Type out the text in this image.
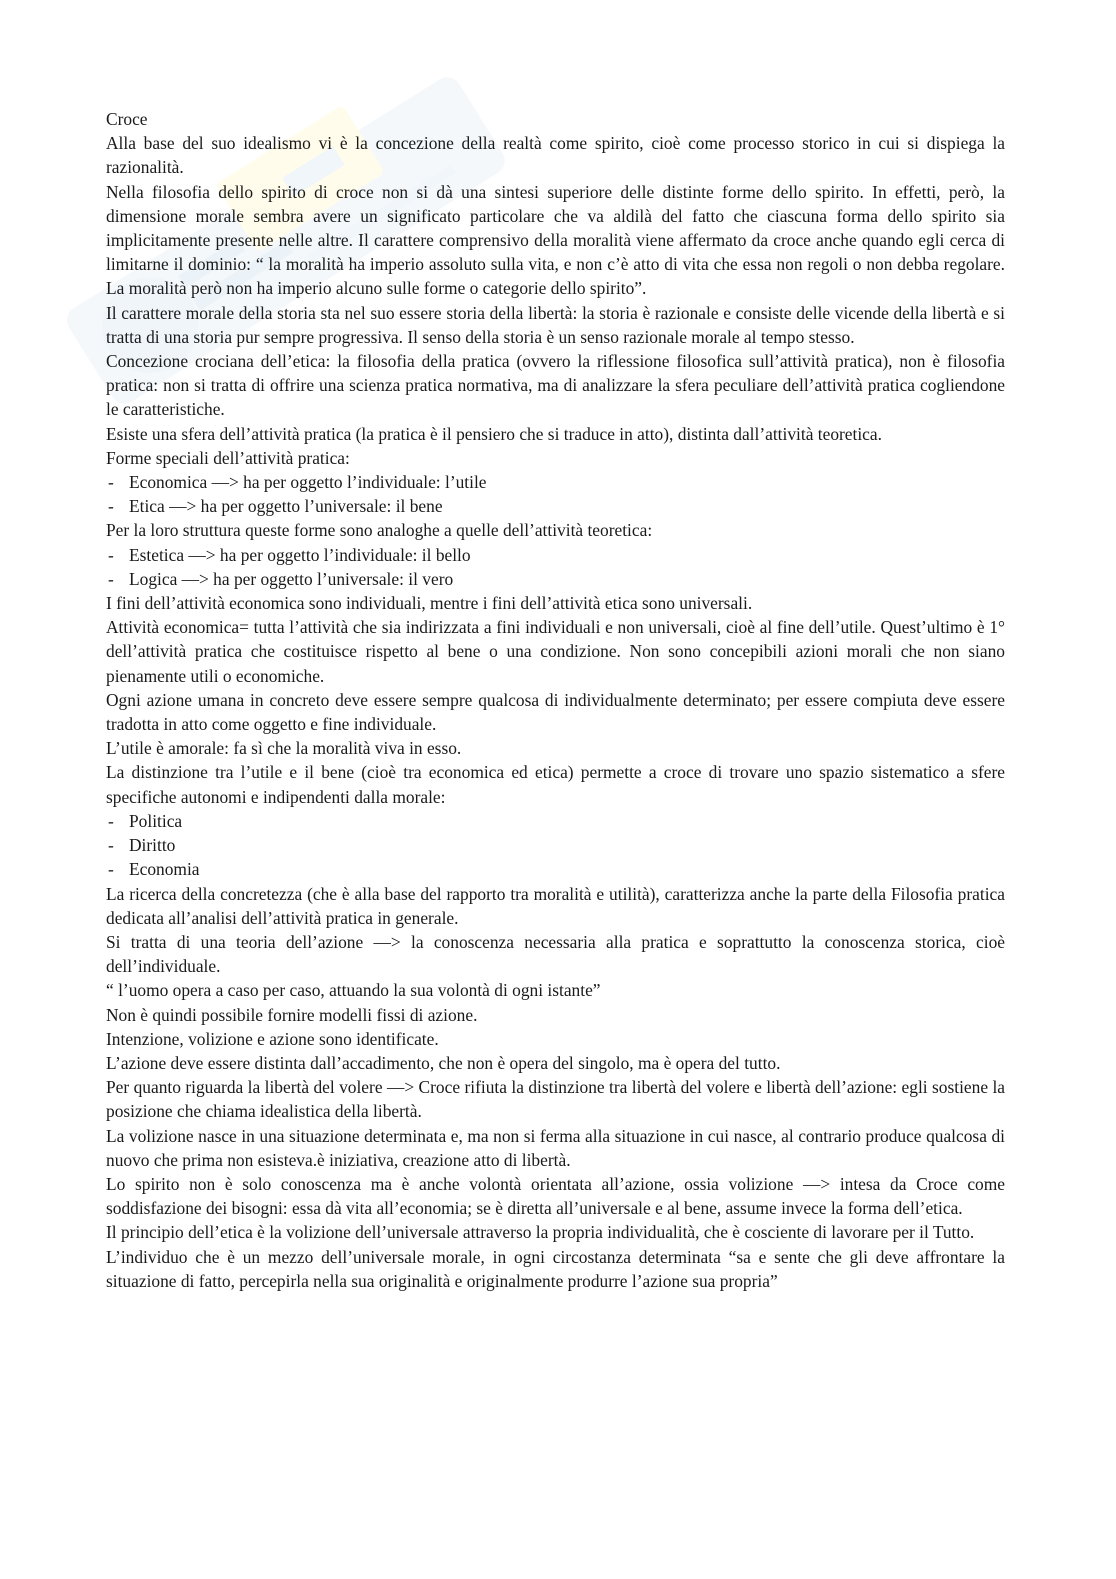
Croce

Alla base del suo idealismo vi è la concezione della realtà come spirito, cioè come processo storico in cui si dispiega la razionalità.

Nella filosofia dello spirito di croce non si dà una sintesi superiore delle distinte forme dello spirito. In effetti, però, la dimensione morale sembra avere un significato particolare che va aldilà del fatto che ciascuna forma dello spirito sia implicitamente presente nelle altre. Il carattere comprensivo della moralità viene affermato da croce anche quando egli cerca di limitarne il dominio: “ la moralità ha imperio assoluto sulla vita, e non c’è atto di vita che essa non regoli o non debba regolare. La moralità però non ha imperio alcuno sulle forme o categorie dello spirito”.

Il carattere morale della storia sta nel suo essere storia della libertà: la storia è razionale e consiste delle vicende della libertà e si tratta di una storia pur sempre progressiva. Il senso della storia è un senso razionale morale al tempo stesso.

Concezione crociana dell’etica: la filosofia della pratica (ovvero la riflessione filosofica sull’attività pratica), non è filosofia pratica: non si tratta di offrire una scienza pratica normativa, ma di analizzare la sfera peculiare dell’attività pratica cogliendone le caratteristiche.

Esiste una sfera dell’attività pratica (la pratica è il pensiero che si traduce in atto), distinta dall’attività teoretica.

Forme speciali dell’attività pratica:

- Economica —> ha per oggetto l’individuale: l’utile
- Etica —> ha per oggetto l’universale: il bene

Per la loro struttura queste forme sono analoghe a quelle dell’attività teoretica:

- Estetica —> ha per oggetto l’individuale: il bello
- Logica —> ha per oggetto l’universale: il vero

I fini dell’attività economica sono individuali, mentre i fini dell’attività etica sono universali.

Attività economica= tutta l’attività che sia indirizzata a fini individuali e non universali, cioè al fine dell’utile. Quest’ultimo è 1° dell’attività pratica che costituisce rispetto al bene o una condizione. Non sono concepibili azioni morali che non siano pienamente utili o economiche.

Ogni azione umana in concreto deve essere sempre qualcosa di individualmente determinato; per essere compiuta deve essere tradotta in atto come oggetto e fine individuale.

L’utile è amorale: fa sì che la moralità viva in esso.

La distinzione tra l’utile e il bene (cioè tra economica ed etica) permette a croce di trovare uno spazio sistematico a sfere specifiche autonomi e indipendenti dalla morale:

- Politica
- Diritto
- Economia

La ricerca della concretezza (che è alla base del rapporto tra moralità e utilità), caratterizza anche la parte della Filosofia pratica dedicata all’analisi dell’attività pratica in generale.

Si tratta di una teoria dell’azione —> la conoscenza necessaria alla pratica e soprattutto la conoscenza storica, cioè dell’individuale.

“ l’uomo opera a caso per caso, attuando la sua volontà di ogni istante”

Non è quindi possibile fornire modelli fissi di azione.

Intenzione, volizione e azione sono identificate.

L’azione deve essere distinta dall’accadimento, che non è opera del singolo, ma è opera del tutto.

Per quanto riguarda la libertà del volere —> Croce rifiuta la distinzione tra libertà del volere e libertà dell’azione: egli sostiene la posizione che chiama idealistica della libertà.

La volizione nasce in una situazione determinata e, ma non si ferma alla situazione in cui nasce, al contrario produce qualcosa di nuovo che prima non esisteva.è iniziativa, creazione atto di libertà.

Lo spirito non è solo conoscenza ma è anche volontà orientata all’azione, ossia volizione —> intesa da Croce come soddisfazione dei bisogni: essa dà vita all’economia; se è diretta all’universale e al bene, assume invece la forma dell’etica.

Il principio dell’etica è la volizione dell’universale attraverso la propria individualità, che è cosciente di lavorare per il Tutto.

L’individuo che è un mezzo dell’universale morale, in ogni circostanza determinata “sa e sente che gli deve affrontare la situazione di fatto, percepirla nella sua originalità e originalmente produrre l’azione sua propria”
